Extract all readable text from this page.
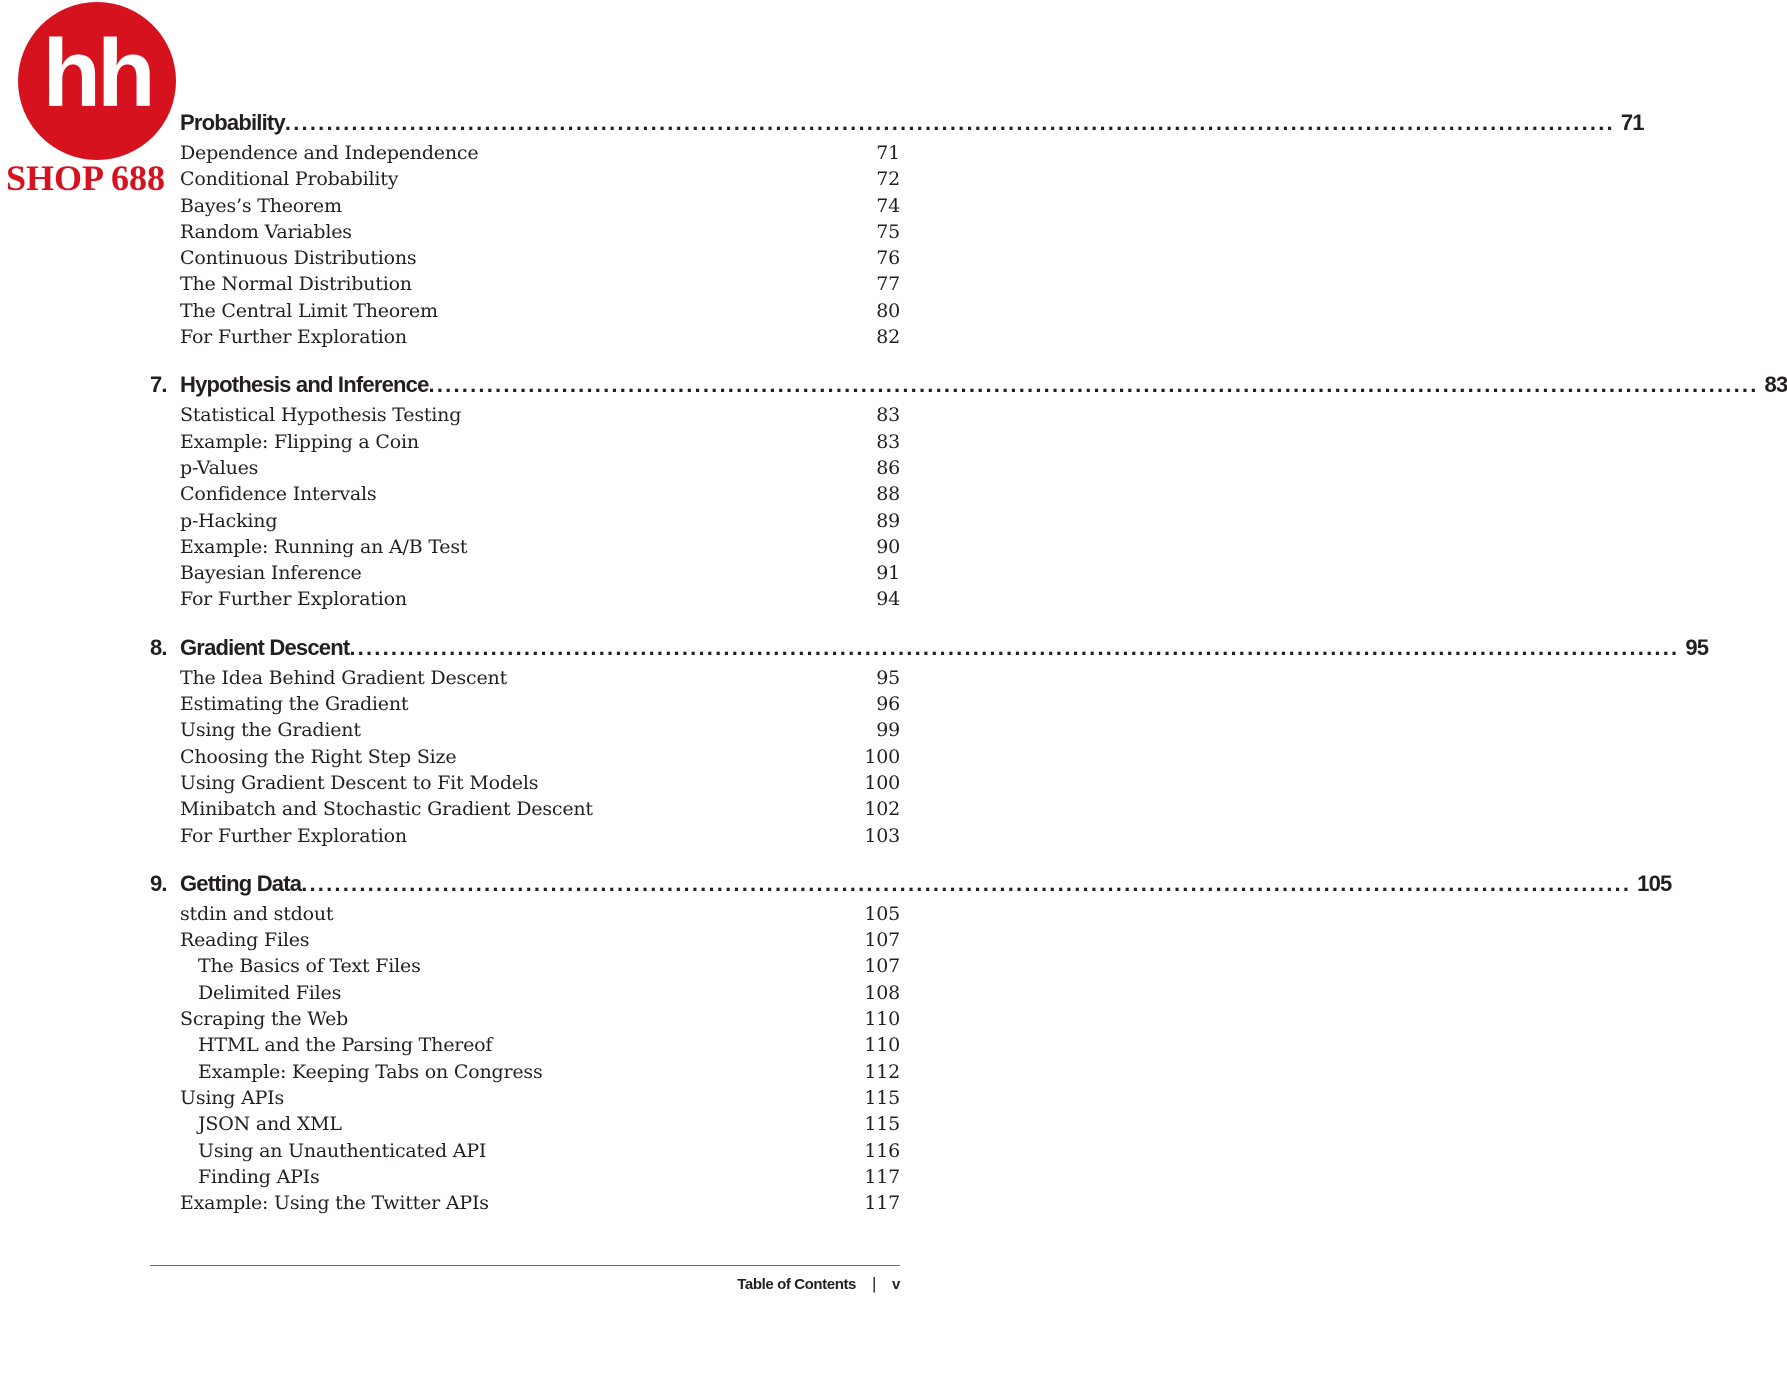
Probability ................................................................................................................................................................ 71
Dependence and Independence	71
Conditional Probability	72
Bayes’s Theorem	74
Random Variables	75
Continuous Distributions	76
The Normal Distribution	77
The Central Limit Theorem	80
For Further Exploration	82
7. Hypothesis and Inference ................................................................................................................................................................ 83
Statistical Hypothesis Testing	83
Example: Flipping a Coin	83
p-Values	86
Confidence Intervals	88
p-Hacking	89
Example: Running an A/B Test	90
Bayesian Inference	91
For Further Exploration	94
8. Gradient Descent ................................................................................................................................................................ 95
The Idea Behind Gradient Descent	95
Estimating the Gradient	96
Using the Gradient	99
Choosing the Right Step Size	100
Using Gradient Descent to Fit Models	100
Minibatch and Stochastic Gradient Descent	102
For Further Exploration	103
9. Getting Data ................................................................................................................................................................ 105
stdin and stdout	105
Reading Files	107
The Basics of Text Files	107
Delimited Files	108
Scraping the Web	110
HTML and the Parsing Thereof	110
Example: Keeping Tabs on Congress	112
Using APIs	115
JSON and XML	115
Using an Unauthenticated API	116
Finding APIs	117
Example: Using the Twitter APIs	117
Table of Contents | v
hh
SHOP 688
